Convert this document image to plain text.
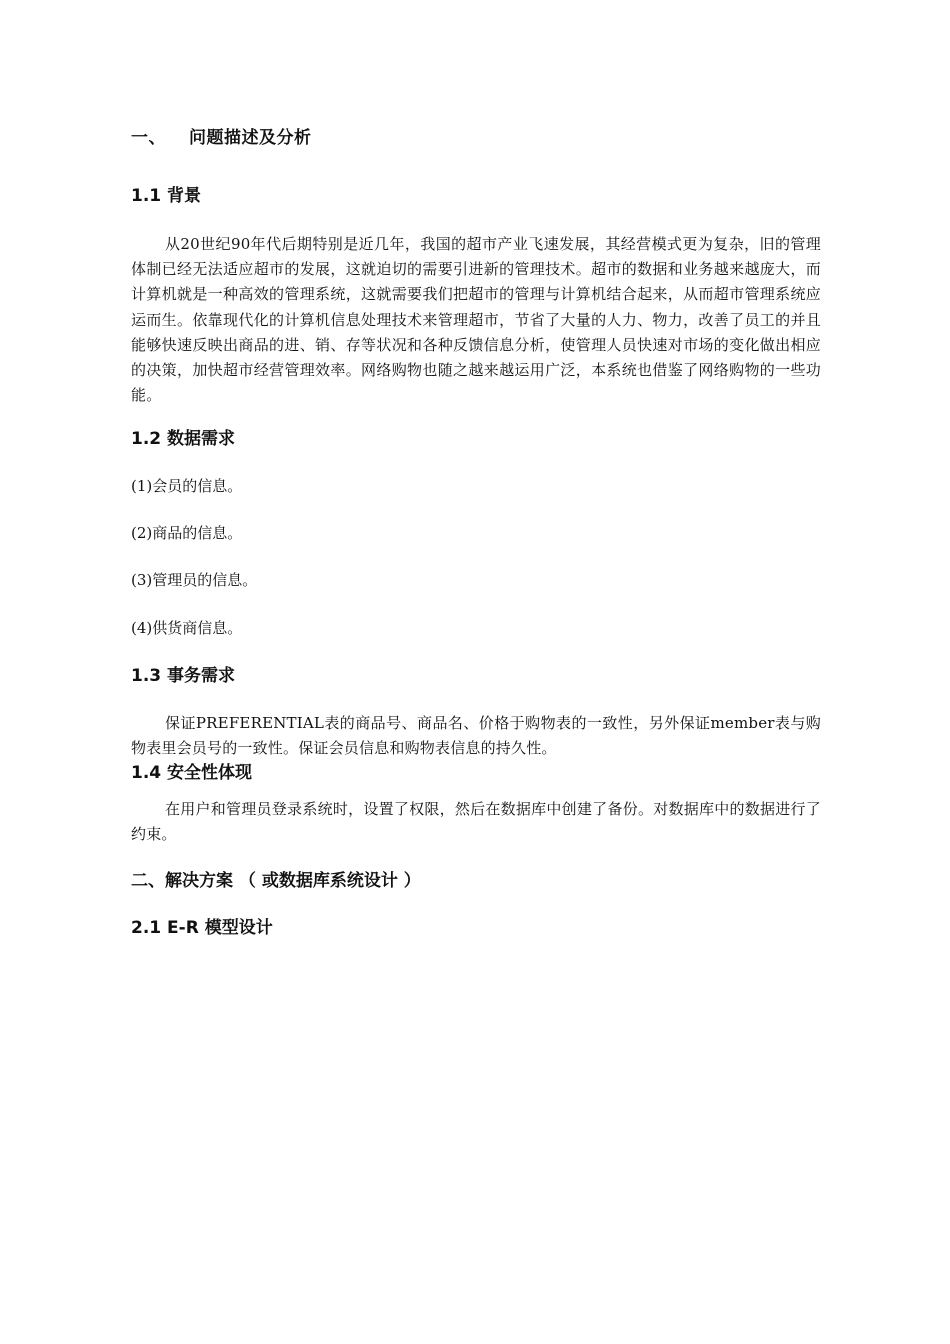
一、 问题描述及分析
1.1 背景
从20世纪90年代后期特别是近几年，我国的超市产业飞速发展，其经营模式更为复杂，旧的管理体制已经无法适应超市的发展，这就迫切的需要引进新的管理技术。超市的数据和业务越来越庞大，而计算机就是一种高效的管理系统，这就需要我们把超市的管理与计算机结合起来，从而超市管理系统应运而生。依靠现代化的计算机信息处理技术来管理超市，节省了大量的人力、物力，改善了员工的并且能够快速反映出商品的进、销、存等状况和各种反馈信息分析，使管理人员快速对市场的变化做出相应的决策，加快超市经营管理效率。网络购物也随之越来越运用广泛，本系统也借鉴了网络购物的一些功能。
1.2 数据需求
(1)会员的信息。
(2)商品的信息。
(3)管理员的信息。
(4)供货商信息。
1.3 事务需求
保证PREFERENTIAL表的商品号、商品名、价格于购物表的一致性，另外保证member表与购物表里会员号的一致性。保证会员信息和购物表信息的持久性。
1.4 安全性体现
在用户和管理员登录系统时，设置了权限，然后在数据库中创建了备份。对数据库中的数据进行了约束。
二、解决方案 （ 或数据库系统设计 ）
2.1 E-R 模型设计
